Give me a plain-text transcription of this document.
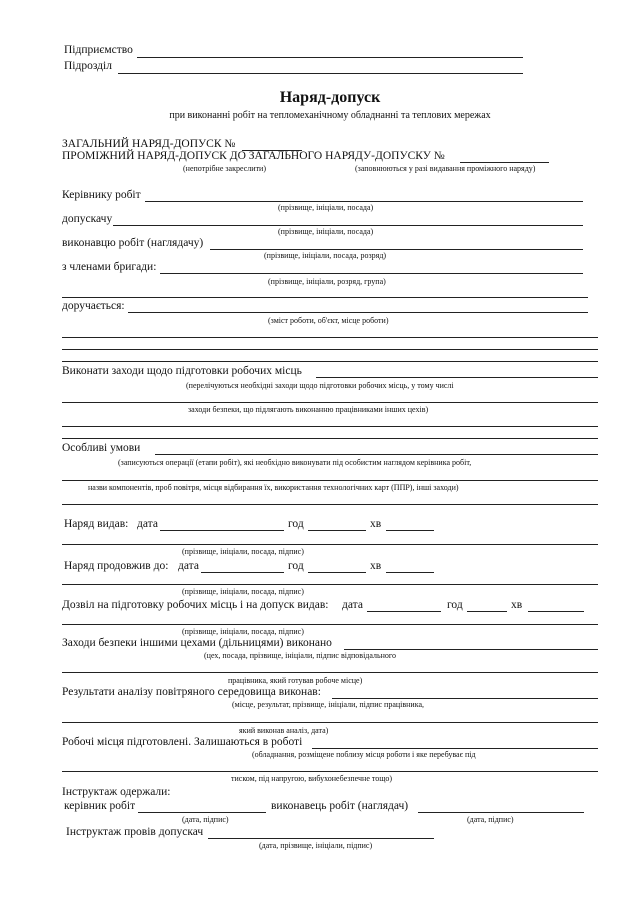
Підприємство
Підрозділ
Наряд-допуск
при виконанні робіт на тепломеханічному обладнанні та теплових мережах
ЗАГАЛЬНИЙ НАРЯД-ДОПУСК №
ПРОМІЖНИЙ НАРЯД-ДОПУСК ДО ЗАГАЛЬНОГО НАРЯДУ-ДОПУСКУ №
(непотрібне закреслити)	(заповнюються у разі видавання проміжного наряду)
Керівнику робіт
(прізвище, ініціали, посада)
допускачу
(прізвище, ініціали, посада)
виконавцю робіт (наглядачу)
(прізвище, ініціали, посада, розряд)
з членами бригади:
(прізвище, ініціали, розряд, група)
доручається:
(зміст роботи, об'єкт, місце роботи)
Виконати заходи щодо підготовки робочих місць
(перелічуються необхідні заходи щодо підготовки робочих місць, у тому числі
заходи безпеки, що підлягають виконанню працівниками інших цехів)
Особливі умови
(записуються операції (етапи робіт), які необхідно виконувати під особистим наглядом керівника робіт,
назви компонентів, проб повітря, місця відбирання їх, використання технологічних карт (ППР), інші заходи)
Наряд видав: дата	год	хв
(прізвище, ініціали, посада, підпис)
Наряд продовжив до: дата	год	хв
(прізвище, ініціали, посада, підпис)
Дозвіл на підготовку робочих місць і на допуск видав: дата	год	хв
(прізвище, ініціали, посада, підпис)
Заходи безпеки іншими цехами (дільницями) виконано
(цех, посада, прізвище, ініціали, підпис відповідального
працівника, який готував робоче місце)
Результати аналізу повітряного середовища виконав:
(місце, результат, прізвище, ініціали, підпис працівника,
який виконав аналіз, дата)
Робочі місця підготовлені. Залишаються в роботі
(обладнання, розміщене поблизу місця роботи і яке перебуває під
тиском, під напругою, вибухонебезпечне тощо)
Інструктаж одержали:
керівник робіт	виконавець робіт (наглядач)
(дата, підпис)	(дата, підпис)
Інструктаж провів допускач
(дата, прізвище, ініціали, підпис)
